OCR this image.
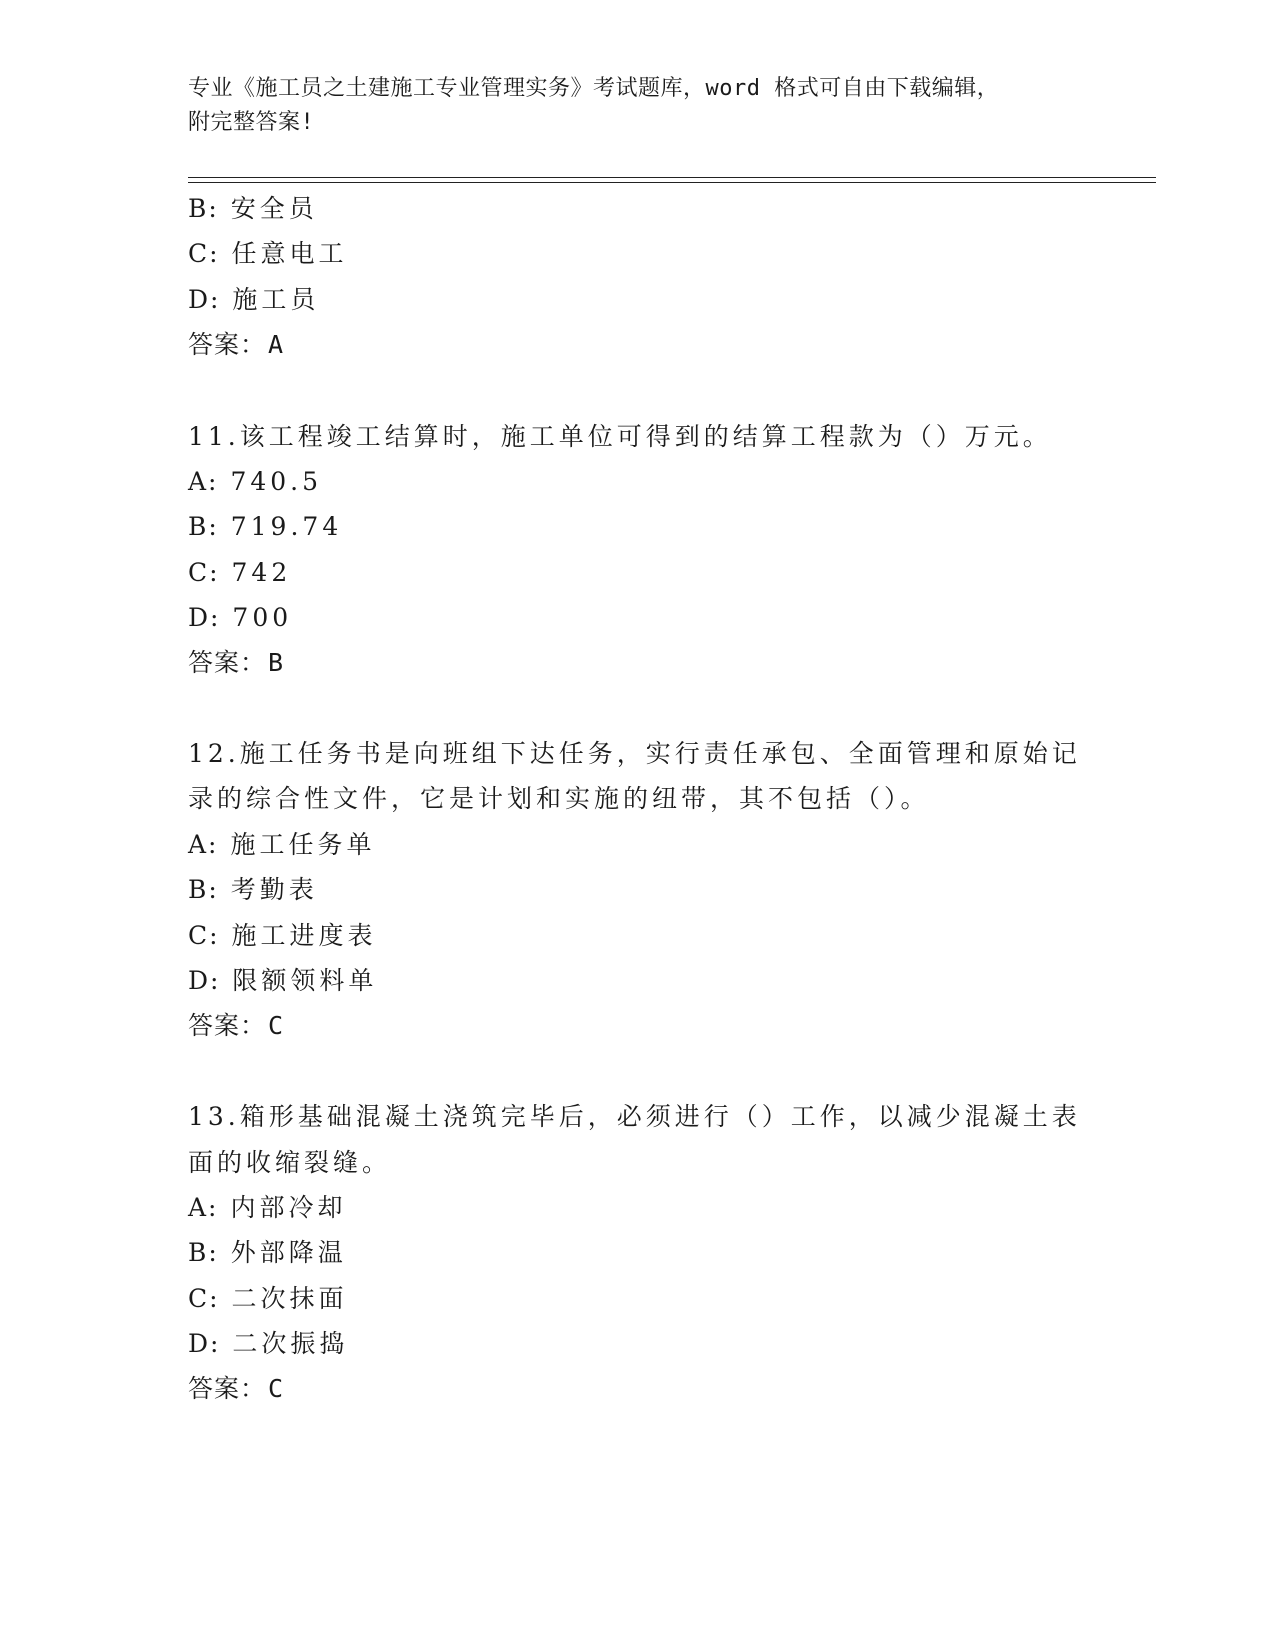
专业《施工员之土建施工专业管理实务》考试题库，word 格式可自由下载编辑，
附完整答案!
B: 安全员
C: 任意电工
D: 施工员
答案：A
11.该工程竣工结算时，施工单位可得到的结算工程款为（）万元。
A: 740.5
B: 719.74
C: 742
D: 700
答案：B
12.施工任务书是向班组下达任务，实行责任承包、全面管理和原始记
录的综合性文件，它是计划和实施的纽带，其不包括（）。
A: 施工任务单
B: 考勤表
C: 施工进度表
D: 限额领料单
答案：C
13.箱形基础混凝土浇筑完毕后，必须进行（）工作，以减少混凝土表
面的收缩裂缝。
A: 内部冷却
B: 外部降温
C: 二次抹面
D: 二次振捣
答案：C
